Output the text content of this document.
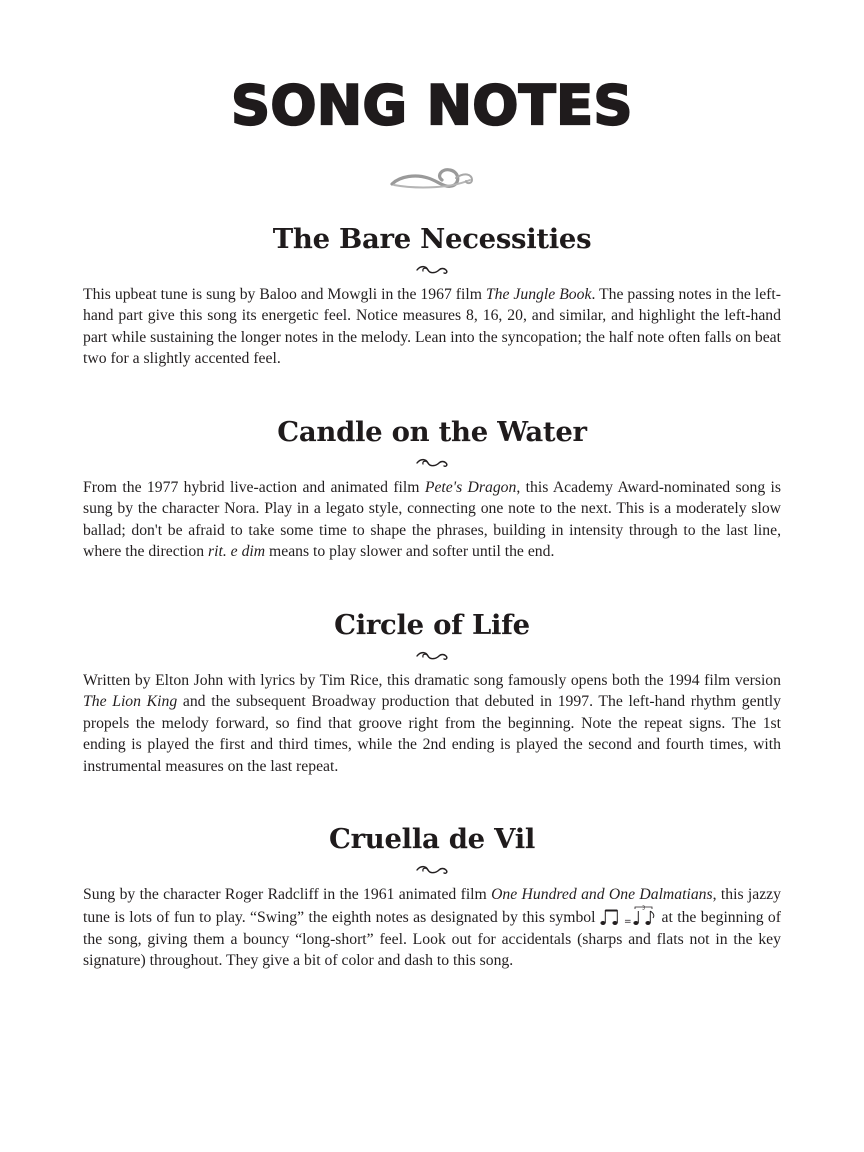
SONG NOTES
The Bare Necessities

This upbeat tune is sung by Baloo and Mowgli in the 1967 film The Jungle Book. The passing notes in the left-hand part give this song its energetic feel. Notice measures 8, 16, 20, and similar, and highlight the left-hand part while sustaining the longer notes in the melody. Lean into the syncopation; the half note often falls on beat two for a slightly accented feel.

Candle on the Water

From the 1977 hybrid live-action and animated film Pete's Dragon, this Academy Award-nominated song is sung by the character Nora. Play in a legato style, connecting one note to the next. This is a moderately slow ballad; don't be afraid to take some time to shape the phrases, building in intensity through to the last line, where the direction rit. e dim means to play slower and softer until the end.

Circle of Life

Written by Elton John with lyrics by Tim Rice, this dramatic song famously opens both the 1994 film version The Lion King and the subsequent Broadway production that debuted in 1997. The left-hand rhythm gently propels the melody forward, so find that groove right from the beginning. Note the repeat signs. The 1st ending is played the first and third times, while the 2nd ending is played the second and fourth times, with instrumental measures on the last repeat.

Cruella de Vil

Sung by the character Roger Radcliff in the 1961 animated film One Hundred and One Dalmatians, this jazzy tune is lots of fun to play. “Swing” the eighth notes as designated by this symbol	=
3
at the beginning of the song, giving them a bouncy “long-short” feel. Look out for accidentals (sharps and flats not in the key signature) throughout. They give a bit of color and dash to this song.
